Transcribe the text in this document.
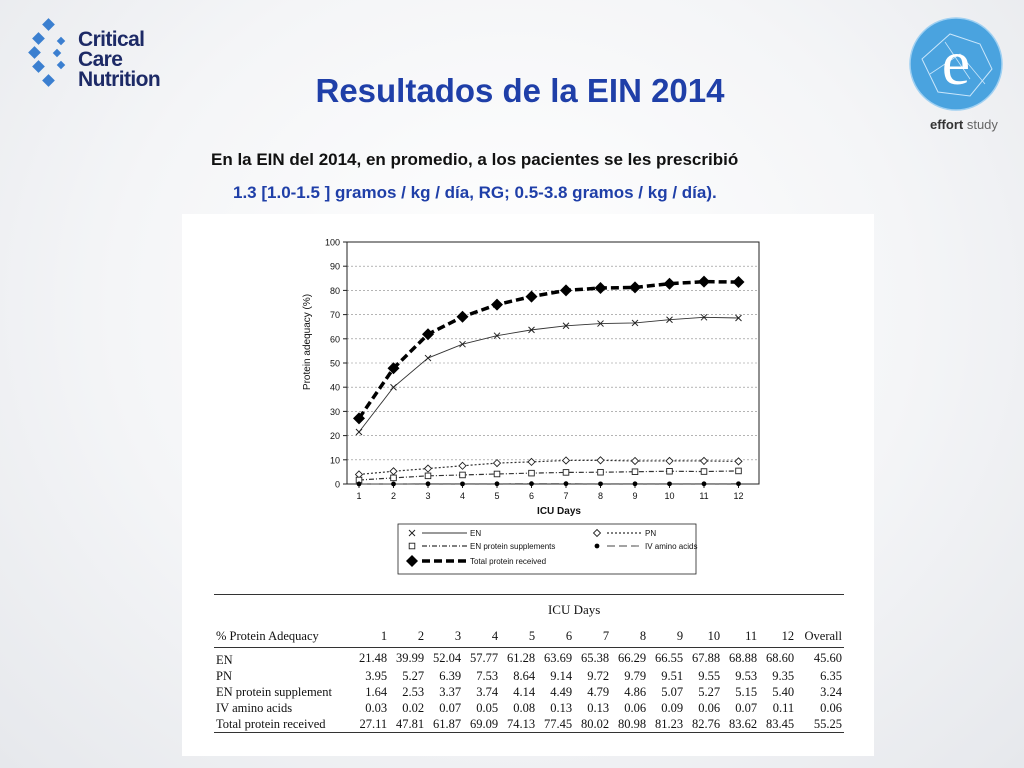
Critical Care
Nutrition	Resultados de la EIN 2014
En la EIN del 2014, en promedio, a los pacientes se les prescribió
1.3 [1.0-1.5 ] gramos / kg / día, RG; 0.5-3.8 gramos / kg / día).
e
effort study
0
10
20
30
40
50
60
70
80
90
100
1	2	3	4	5	6	7	8	9	10	11	12
Protein adequacy (%)
ICU Days
EN	PN
EN protein supplements	IV amino acids
Total protein received

	ICU Days												
% Protein Adequacy	1	2	3	4	5	6	7	8	9	10	11	12	Overall
EN	21.48	39.99	52.04	57.77	61.28	63.69	65.38	66.29	66.55	67.88	68.88	68.60	45.60
PN	3.95	5.27	6.39	7.53	8.64	9.14	9.72	9.79	9.51	9.55	9.53	9.35	6.35
EN protein supplement	1.64	2.53	3.37	3.74	4.14	4.49	4.79	4.86	5.07	5.27	5.15	5.40	3.24
IV amino acids	0.03	0.02	0.07	0.05	0.08	0.13	0.13	0.06	0.09	0.06	0.07	0.11	0.06
Total protein received	27.11	47.81	61.87	69.09	74.13	77.45	80.02	80.98	81.23	82.76	83.62	83.45	55.25
